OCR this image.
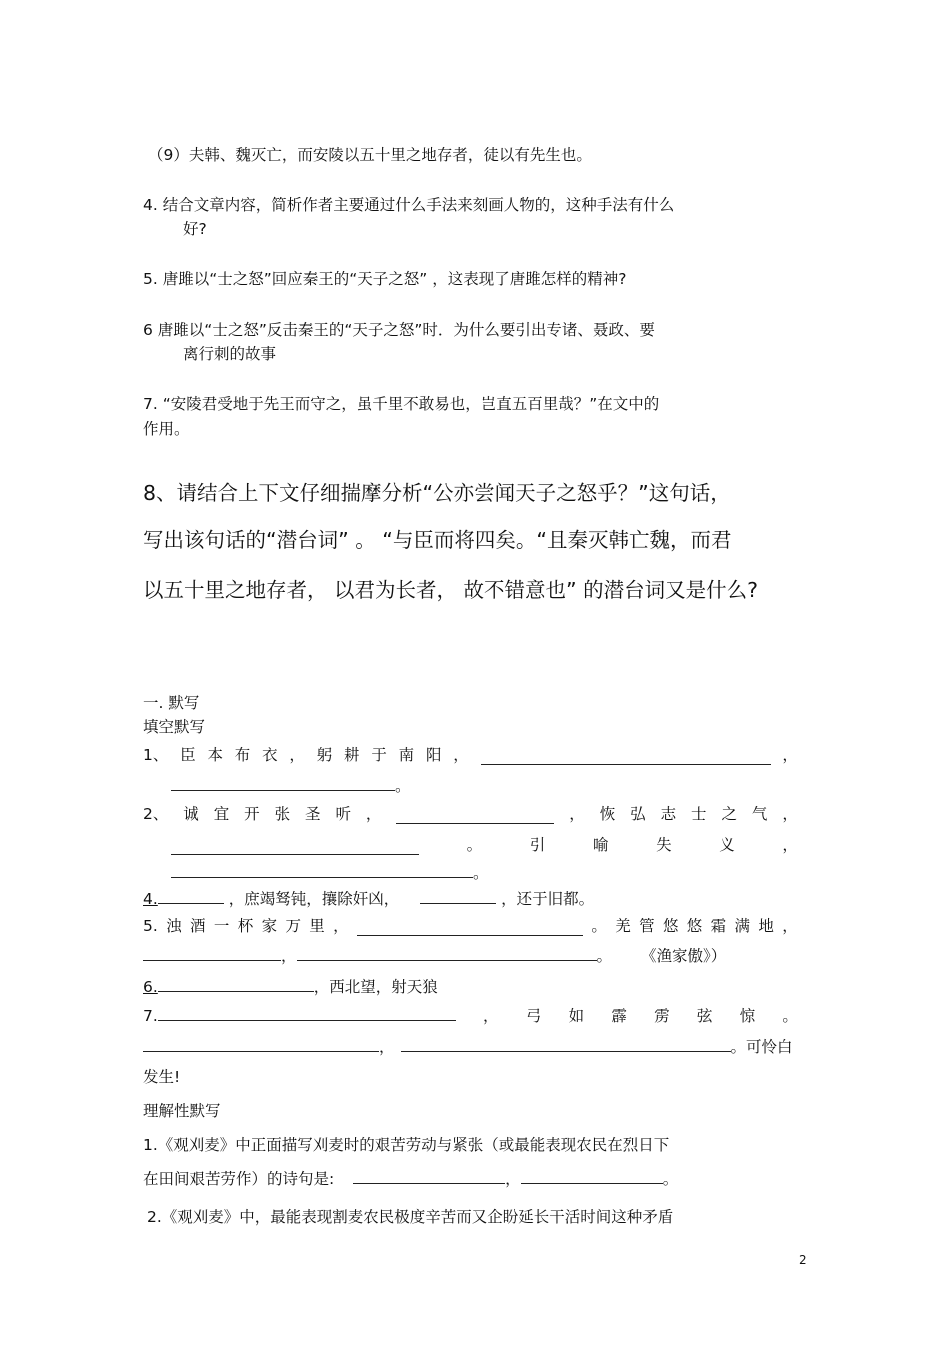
（9）夫韩、魏灭亡，而安陵以五十里之地存者，徒以有先生也。
4. 结合文章内容，简析作者主要通过什么手法来刻画人物的，这种手法有什么
好?
5. 唐雎以“士之怒”回应秦王的“天子之怒” ，这表现了唐雎怎样的精神?
6 唐雎以“士之怒”反击秦王的“天子之怒”时．为什么要引出专诸、聂政、要
离行刺的故事
7. “安陵君受地于先王而守之，虽千里不敢易也，岂直五百里哉？”在文中的
作用。
8、请结合上下文仔细揣摩分析“公亦尝闻天子之怒乎？”这句话，
写出该句话的“潜台词” 。 “与臣而将四矣。“且秦灭韩亡魏，而君
以五十里之地存者， 以君为长者， 故不错意也” 的潜台词又是什么?
一. 默写
填空默写
1、 臣 本 布 衣 ， 躬 耕 于 南 阳 ，	，
。
2、 诚 宜 开 张 圣 听 ，	， 恢 弘 志 士 之 气 ，
。	引	喻	失	义	，
。
4.	，庶竭驽钝，攘除奸凶，	，还于旧都。
5. 浊 酒 一 杯 家 万 里 ，	。 羌 管 悠 悠 霜 满 地 ，
，	。 《渔家傲》）
6.	，西北望，射天狼
7.	， 弓 如 霹 雳 弦 惊 。
，	。可怜白
发生!
理解性默写
1.《观刈麦》中正面描写刈麦时的艰苦劳动与紧张（或最能表现农民在烈日下
在田间艰苦劳作）的诗句是:	，	。
2.《观刈麦》中，最能表现割麦农民极度辛苦而又企盼延长干活时间这种矛盾
2
